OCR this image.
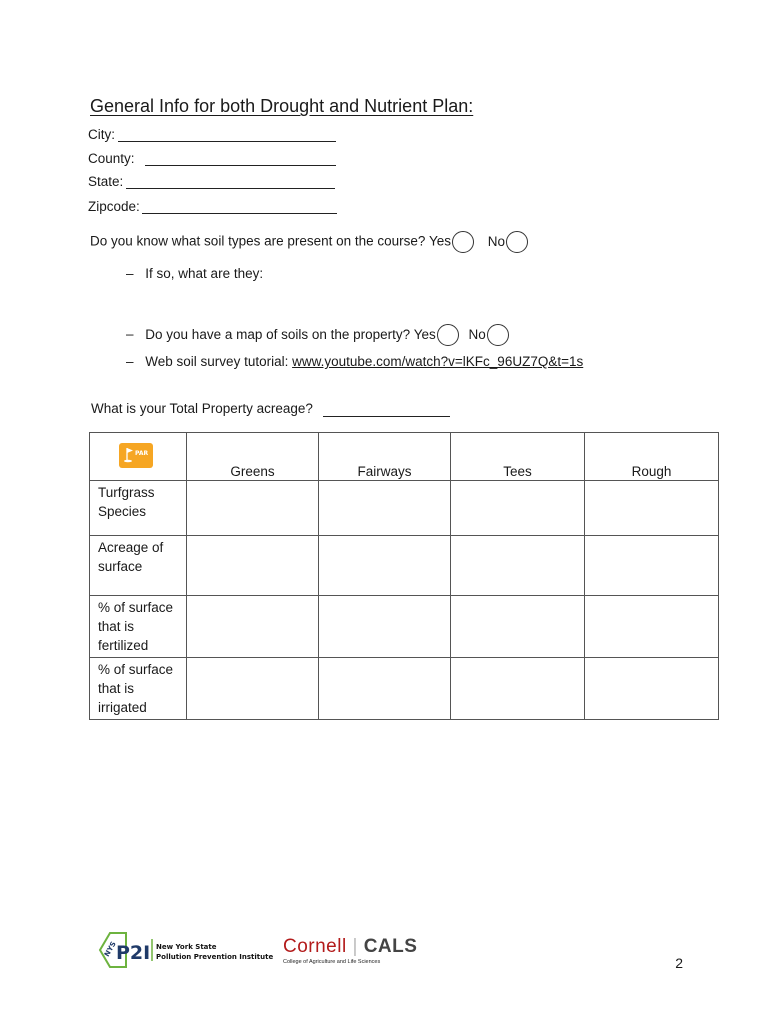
General Info for both Drought and Nutrient Plan:
City:
County:
State:
Zipcode:
Do you know what soil types are present on the course? Yes	No
– If so, what are they:
– Do you have a map of soils on the property? Yes No
– Web soil survey tutorial: www.youtube.com/watch?v=lKFc_96UZ7Q&t=1s
What is your Total Property acreage?
PAR	Greens	Fairways	Tees	Rough

Turfgrass
Species				

Acreage of
surface				

% of surface
that is
fertilized				

% of surface
that is
irrigated				

NYS
P2I New York State
Pollution Prevention Institute Cornell | CALS
College of Agriculture and Life Sciences	2
